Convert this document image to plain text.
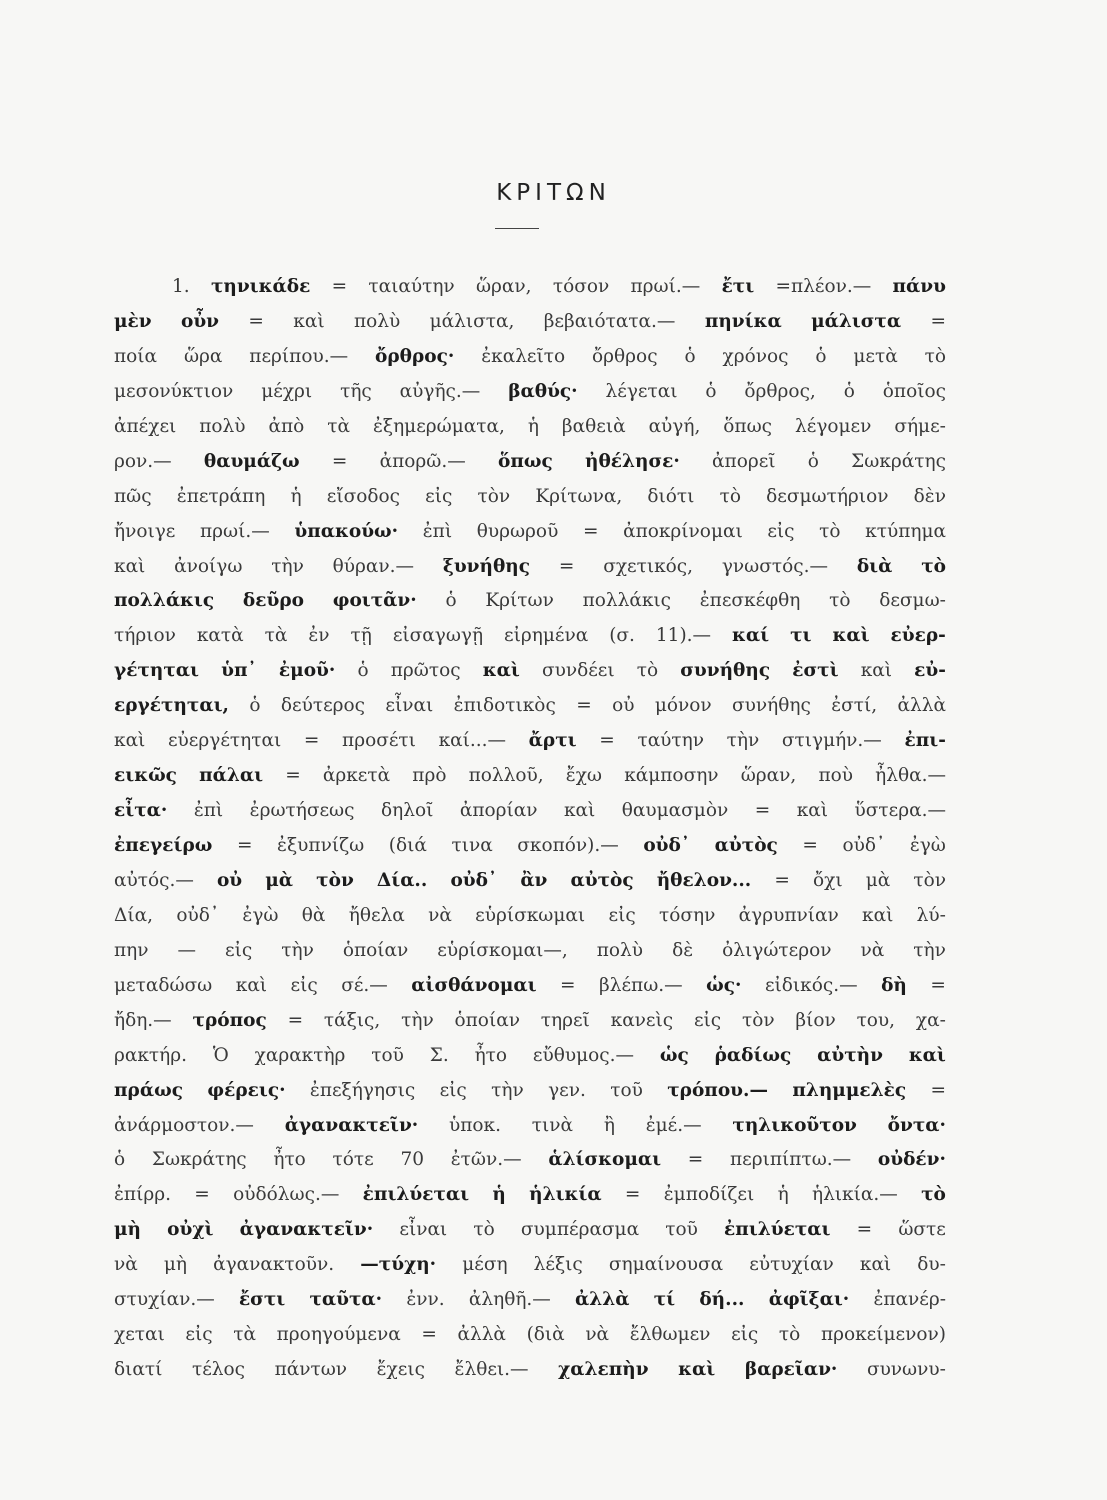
ΚΡΙΤΩΝ
1. τηνικάδε = ταιαύτην ὥραν, τόσον πρωί.— ἔτι =πλέον.— πάνυ
μὲν οὖν = καὶ πολὺ μάλιστα, βεβαιότατα.— πηνίκα μάλιστα =
ποία ὥρα περίπου.— ὄρθρος· ἐκαλεῖτο ὄρθρος ὁ χρόνος ὁ μετὰ τὸ
μεσονύκτιον μέχρι τῆς αὐγῆς.— βαθύς· λέγεται ὁ ὄρθρος, ὁ ὁποῖος
ἀπέχει πολὺ ἀπὸ τὰ ἐξημερώματα, ἡ βαθειὰ αὐγή, ὅπως λέγομεν σήμε-
ρον.— θαυμάζω = ἀπορῶ.— ὅπως ἠθέλησε· ἀπορεῖ ὁ Σωκράτης
πῶς ἐπετράπη ἡ εἴσοδος εἰς τὸν Κρίτωνα, διότι τὸ δεσμωτήριον δὲν
ἤνοιγε πρωί.— ὑπακούω· ἐπὶ θυρωροῦ = ἀποκρίνομαι εἰς τὸ κτύπημα
καὶ ἀνοίγω τὴν θύραν.— ξυνήθης = σχετικός, γνωστός.— διὰ τὸ
πολλάκις δεῦρο φοιτᾶν· ὁ Κρίτων πολλάκις ἐπεσκέφθη τὸ δεσμω-
τήριον κατὰ τὰ ἐν τῇ εἰσαγωγῇ εἰρημένα (σ. 11).— καί τι καὶ εὐερ-
γέτηται ὑπ᾽ ἐμοῦ· ὁ πρῶτος καὶ συνδέει τὸ συνήθης ἐστὶ καὶ εὐ-
εργέτηται, ὁ δεύτερος εἶναι ἐπιδοτικὸς = οὐ μόνον συνήθης ἐστί, ἀλλὰ
καὶ εὐεργέτηται = προσέτι καί...— ἄρτι = ταύτην τὴν στιγμήν.— ἐπι-
εικῶς πάλαι = ἀρκετὰ πρὸ πολλοῦ, ἔχω κάμποσην ὥραν, ποὺ ἦλθα.—
εἶτα· ἐπὶ ἐρωτήσεως δηλοῖ ἀπορίαν καὶ θαυμασμὸν = καὶ ὕστερα.—
ἐπεγείρω = ἐξυπνίζω (διά τινα σκοπόν).— οὐδ᾽ αὐτὸς = οὐδ᾽ ἐγὼ
αὐτός.— οὐ μὰ τὸν Δία.. οὐδ᾽ ἂν αὐτὸς ἤθελον... = ὄχι μὰ τὸν
Δία, οὐδ᾽ ἐγὼ θὰ ἤθελα νὰ εὑρίσκωμαι εἰς τόσην ἀγρυπνίαν καὶ λύ-
πην — εἰς τὴν ὁποίαν εὑρίσκομαι—, πολὺ δὲ ὀλιγώτερον νὰ τὴν
μεταδώσω καὶ εἰς σέ.— αἰσθάνομαι = βλέπω.— ὡς· εἰδικός.— δὴ =
ἤδη.— τρόπος = τάξις, τὴν ὁποίαν τηρεῖ κανεὶς εἰς τὸν βίον του, χα-
ρακτήρ. Ὁ χαρακτὴρ τοῦ Σ. ἦτο εὔθυμος.— ὡς ῥαδίως αὐτὴν καὶ
πράως φέρεις· ἐπεξήγησις εἰς τὴν γεν. τοῦ τρόπου.— πλημμελὲς =
ἀνάρμοστον.— ἀγανακτεῖν· ὑποκ. τινὰ ἢ ἐμέ.— τηλικοῦτον ὄντα·
ὁ Σωκράτης ἦτο τότε 70 ἐτῶν.— ἁλίσκομαι = περιπίπτω.— οὐδέν·
ἐπίρρ. = οὐδόλως.— ἐπιλύεται ἡ ἡλικία = ἐμποδίζει ἡ ἡλικία.— τὸ
μὴ οὐχὶ ἀγανακτεῖν· εἶναι τὸ συμπέρασμα τοῦ ἐπιλύεται = ὥστε
νὰ μὴ ἀγανακτοῦν. —τύχη· μέση λέξις σημαίνουσα εὐτυχίαν καὶ δυ-
στυχίαν.— ἔστι ταῦτα· ἐνν. ἀληθῆ.— ἀλλὰ τί δή... ἀφῖξαι· ἐπανέρ-
χεται εἰς τὰ προηγούμενα = ἀλλὰ (διὰ νὰ ἔλθωμεν εἰς τὸ προκείμενον)
διατί τέλος πάντων ἔχεις ἔλθει.— χαλεπὴν καὶ βαρεῖαν· συνωνυ-
